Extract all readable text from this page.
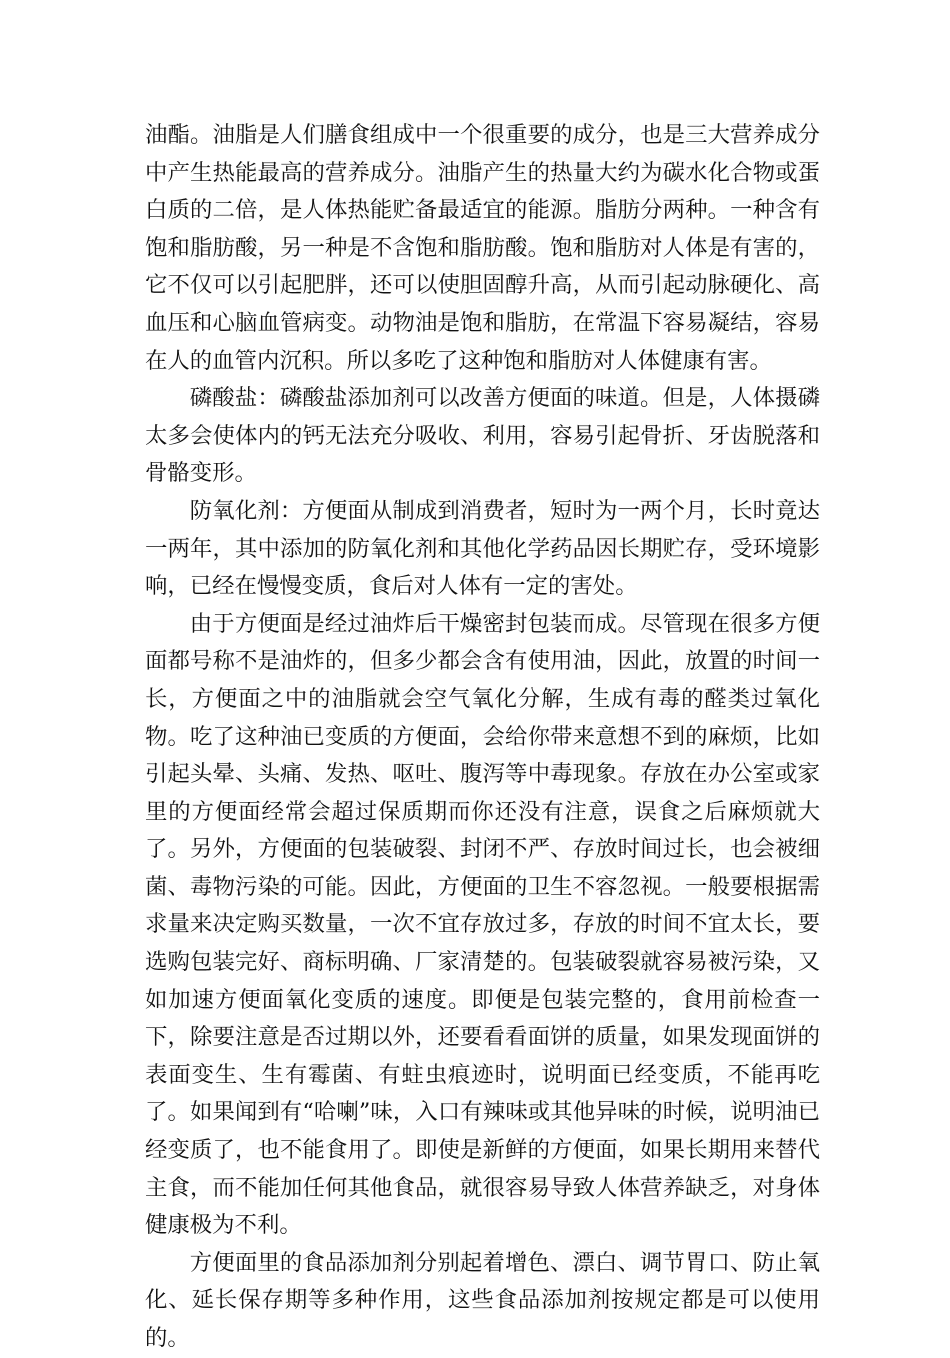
油酯。油脂是人们膳食组成中一个很重要的成分，也是三大营养成分中产生热能最高的营养成分。油脂产生的热量大约为碳水化合物或蛋白质的二倍，是人体热能贮备最适宜的能源。脂肪分两种。一种含有饱和脂肪酸，另一种是不含饱和脂肪酸。饱和脂肪对人体是有害的，它不仅可以引起肥胖，还可以使胆固醇升高，从而引起动脉硬化、高血压和心脑血管病变。动物油是饱和脂肪，在常温下容易凝结，容易在人的血管内沉积。所以多吃了这种饱和脂肪对人体健康有害。

磷酸盐：磷酸盐添加剂可以改善方便面的味道。但是，人体摄磷太多会使体内的钙无法充分吸收、利用，容易引起骨折、牙齿脱落和骨骼变形。

防氧化剂：方便面从制成到消费者，短时为一两个月，长时竟达一两年，其中添加的防氧化剂和其他化学药品因长期贮存，受环境影响，已经在慢慢变质，食后对人体有一定的害处。

由于方便面是经过油炸后干燥密封包装而成。尽管现在很多方便面都号称不是油炸的，但多少都会含有使用油，因此，放置的时间一长，方便面之中的油脂就会空气氧化分解，生成有毒的醛类过氧化物。吃了这种油已变质的方便面，会给你带来意想不到的麻烦，比如引起头晕、头痛、发热、呕吐、腹泻等中毒现象。存放在办公室或家里的方便面经常会超过保质期而你还没有注意，误食之后麻烦就大了。另外，方便面的包装破裂、封闭不严、存放时间过长，也会被细菌、毒物污染的可能。因此，方便面的卫生不容忽视。一般要根据需求量来决定购买数量，一次不宜存放过多，存放的时间不宜太长，要选购包装完好、商标明确、厂家清楚的。包装破裂就容易被污染，又如加速方便面氧化变质的速度。即便是包装完整的，食用前检查一下，除要注意是否过期以外，还要看看面饼的质量，如果发现面饼的表面变生、生有霉菌、有蛀虫痕迹时，说明面已经变质，不能再吃了。如果闻到有“哈喇”味，入口有辣味或其他异味的时候，说明油已经变质了，也不能食用了。即使是新鲜的方便面，如果长期用来替代主食，而不能加任何其他食品，就很容易导致人体营养缺乏，对身体健康极为不利。

方便面里的食品添加剂分别起着增色、漂白、调节胃口、防止氧化、延长保存期等多种作用，这些食品添加剂按规定都是可以使用的。
